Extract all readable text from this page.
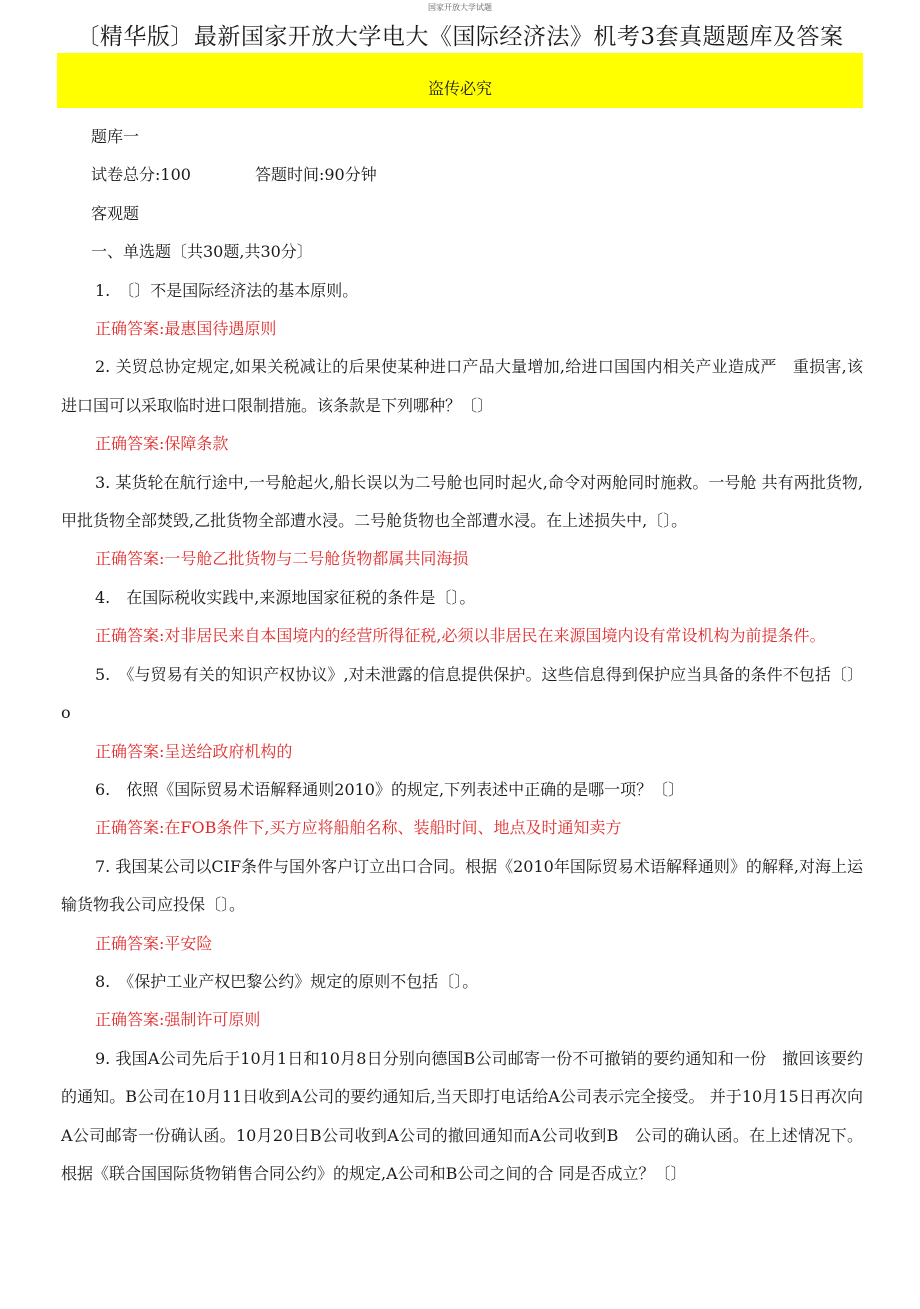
国家开放大学试题
〔精华版〕最新国家开放大学电大《国际经济法》机考3套真题题库及答案
盗传必究

题库一

试卷总分:100	答题时间:90分钟

客观题

一、单选题〔共30题,共30分〕

1.　〔〕不是国际经济法的基本原则。

正确答案:最惠国待遇原则

2. 关贸总协定规定,如果关税减让的后果使某种进口产品大量增加,给进口国国内相关产业造成严　重损害,该进口国可以采取临时进口限制措施。该条款是下列哪种？〔〕

正确答案:保障条款

3. 某货轮在航行途中,一号舱起火,船长误以为二号舱也同时起火,命令对两舱同时施救。一号舱 共有两批货物,甲批货物全部焚毁,乙批货物全部遭水浸。二号舱货物也全部遭水浸。在上述损失中,〔〕。

正确答案:一号舱乙批货物与二号舱货物都属共同海损

4.　在国际税收实践中,来源地国家征税的条件是〔〕。

正确答案:对非居民来自本国境内的经营所得征税,必须以非居民在来源国境内设有常设机构为前提条件。

5.　《与贸易有关的知识产权协议》,对未泄露的信息提供保护。这些信息得到保护应当具备的条件不包括〔〕o

正确答案:呈送给政府机构的

6.　依照《国际贸易术语解释通则2010》的规定,下列表述中正确的是哪一项？〔〕

正确答案:在FOB条件下,买方应将船舶名称、装船时间、地点及时通知卖方

7. 我国某公司以CIF条件与国外客户订立出口合同。根据《2010年国际贸易术语解释通则》的解释,对海上运输货物我公司应投保〔〕。

正确答案:平安险

8.　《保护工业产权巴黎公约》规定的原则不包括〔〕。

正确答案:强制许可原则

9. 我国A公司先后于10月1日和10月8日分别向德国B公司邮寄一份不可撤销的要约通知和一份　撤回该要约的通知。B公司在10月11日收到A公司的要约通知后,当天即打电话给A公司表示完全接受。 并于10月15日再次向A公司邮寄一份确认函。10月20日B公司收到A公司的撤回通知而A公司收到B　公司的确认函。在上述情况下。根据《联合国国际货物销售合同公约》的规定,A公司和B公司之间的合 同是否成立？〔〕
